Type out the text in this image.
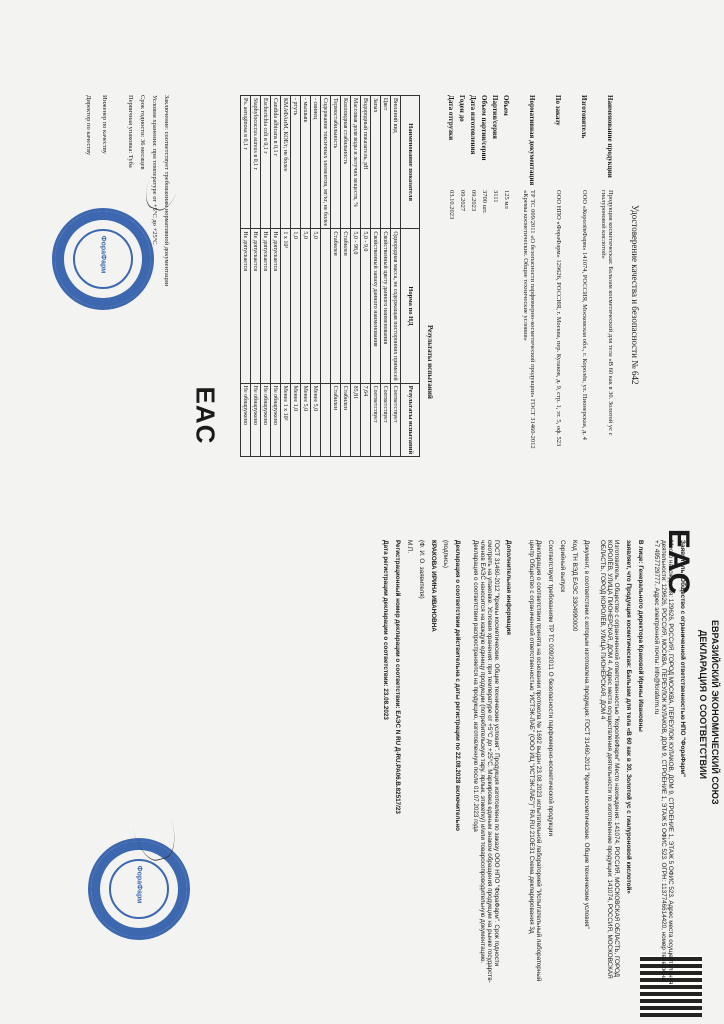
Удостоверение качества и безопасности № 642
Наименование продукции
Продукция косметическая: Бальзам косметический для тела «В 60 как в 30. Золотой ус с гиалуроновой кислотой»
Изготовитель
ООО «КоролёвФарм» 141074, РОССИЯ, Московская обл., г. Королёв, ул. Пионерская, д. 4
По заказу
ООО НПО «ФораФарм» 129626, РОССИЯ, г. Москва, пер. Кулаков, д. 9, стр. 1, эт. 5, оф. 523
Нормативная документация
ТР ТС 009/2011 «О безопасности парфюмерно-косметической продукции» ГОСТ 31460-2012 «Кремы косметические. Общие технические условия»
Объем
125 мл
Партия/серия
3111
Объем партии/серии
3700 шт.
Дата изготовления
09.2023
Годен до
09.2027
Дата отгрузки
03.10.2023
Результаты испытаний
Наименование показателя	Норма по НД	Результаты испытаний
Внешний вид	Однородная масса, не содержащая посторонних примесей	Соответствует
Цвет	Свойственный цвету данного наименования	Соответствует
Запах	Свойственный запаху данного наименования	Соответствует
Водородный показатель, pH	5,0 - 9,0	7,64
Массовая доля воды и летучих веществ, %	5,0 - 98,0	85,81
Коллоидная стабильность	Стабилен	Стабилен
Термостабильность	Стабилен	Стабилен
Содержание токсичных элементов, мг/кг, не более		
- свинец	5,0	Менее 5,0
- мышьяк	5,0	Менее 5,0
- ртуть	1,0	Менее 1,0
КМАФАнМ, КОЕ/г, не более	1 x 10³	Менее 1 x 10³
Candida albicans в 0,1 г	Не допускается	Не обнаружено
Escherichia coli в 0,1 г	Не допускается	Не обнаружено
Staphylococcus aureus в 0,1 г	Не допускается	Не обнаружено
Ps. aeruginosa в 0,1 г	Не допускается	Не обнаружено
Заключение: соответствует требованиям нормативной документации
Условия хранения: при температуре от +5°С до +25°С
Срок годности: 36 месяцев
Первичная упаковка: Туба
Инженер по качеству
Директор по качеству
EAC
ЕВРАЗИЙСКИЙ ЭКОНОМИЧЕСКИЙ СОЮЗ
ДЕКЛАРАЦИЯ О СООТВЕТСТВИИ
Заявитель: Общество с ограниченной ответственностью НПО "ФораФарм"
Место нахождения: 129626, РОССИЯ, ГОРОД МОСКВА, ПЕРЕУЛОК КУЛАКОВ, ДОМ 9, СТРОЕНИЕ 1, ЭТАЖ 5 ОФИС 523. Адрес места осуществления деятельности: 129626, РОССИЯ, МОСКВА, ПЕРЕУЛОК КУЛАКОВ, ДОМ 9, СТРОЕНИЕ 1, ЭТАЖ 5 ОФИС 523. ОГРН: 1137746614420, номер телефона: +7 4957729777, Адрес электронной почты: info@forafarm.ru
В лице: Генерального директора Краковой Ирины Ивановны
заявляет, что Продукция косметическая: Бальзам для тела «В 60 как в 30. Золотой ус с гиалуроновой кислотой»
Изготовитель: Общество с ограниченной ответственностью "КоролёвФарм" Место нахождения: 141074, РОССИЯ, МОСКОВСКАЯ ОБЛАСТЬ, ГОРОД КОРОЛЁВ, УЛИЦА ПИОНЕРСКАЯ, ДОМ 4. Адрес места осуществления деятельности по изготовлению продукции: 141074, РОССИЯ, МОСКОВСКАЯ ОБЛАСТЬ, ГОРОД КОРОЛЁВ, УЛИЦА ПИОНЕРСКАЯ, ДОМ 4
Документ, в соответствии с которым изготовлена продукция: ГОСТ 31460-2012 "Кремы косметические. Общие технические условия"
Код ТН ВЭД ЕАЭС 3304990000
Серийный выпуск
Соответствует требованиям ТР ТС 009/2011 О безопасности парфюмерно-косметической продукции
Декларация о соответствии принята на основании протокола № 1692 выдан 23.08.2023 испытательной лабораторией "Испытательный лабораторный центр Общество с ограниченной ответственностью "ИСТЭК-ЛАБ" (ООО ИЦ "ИСТЭК-ЛАБ")" RA.RU.21ОЕ31 Схема декларирования 3д
Дополнительная информация
ГОСТ 31460-2012 "Кремы косметические. Общие технические условия". Продукция изготовлена по заказу ООО НПО "ФораФарм". Срок годности смотреть на упаковке. Условия хранения: при температуре от +5°С до +25°С. Маркировка единым знаком обращения продукции на рынке государств-членов ЕАЭС наносится на каждую единицу продукции (потребительскую тару, ярлык, этикетку) и/или товаросопроводительную документацию. Декларация о соответствии распространяется на продукцию, изготовленную после 01.07.2023 года
Декларация о соответствии действительна с даты регистрации по 22.08.2028 включительно
(подпись)
КРАКОВА ИРИНА ИВАНОВНА
(Ф. И. О. заявителя)
М.П.
Регистрационный номер декларации о соответствии: ЕАЭС N RU Д-RU.PA06.B.82517/23
Дата регистрации декларации о соответствии: 23.08.2023	EAC
ФораФарм
ФораФарм
